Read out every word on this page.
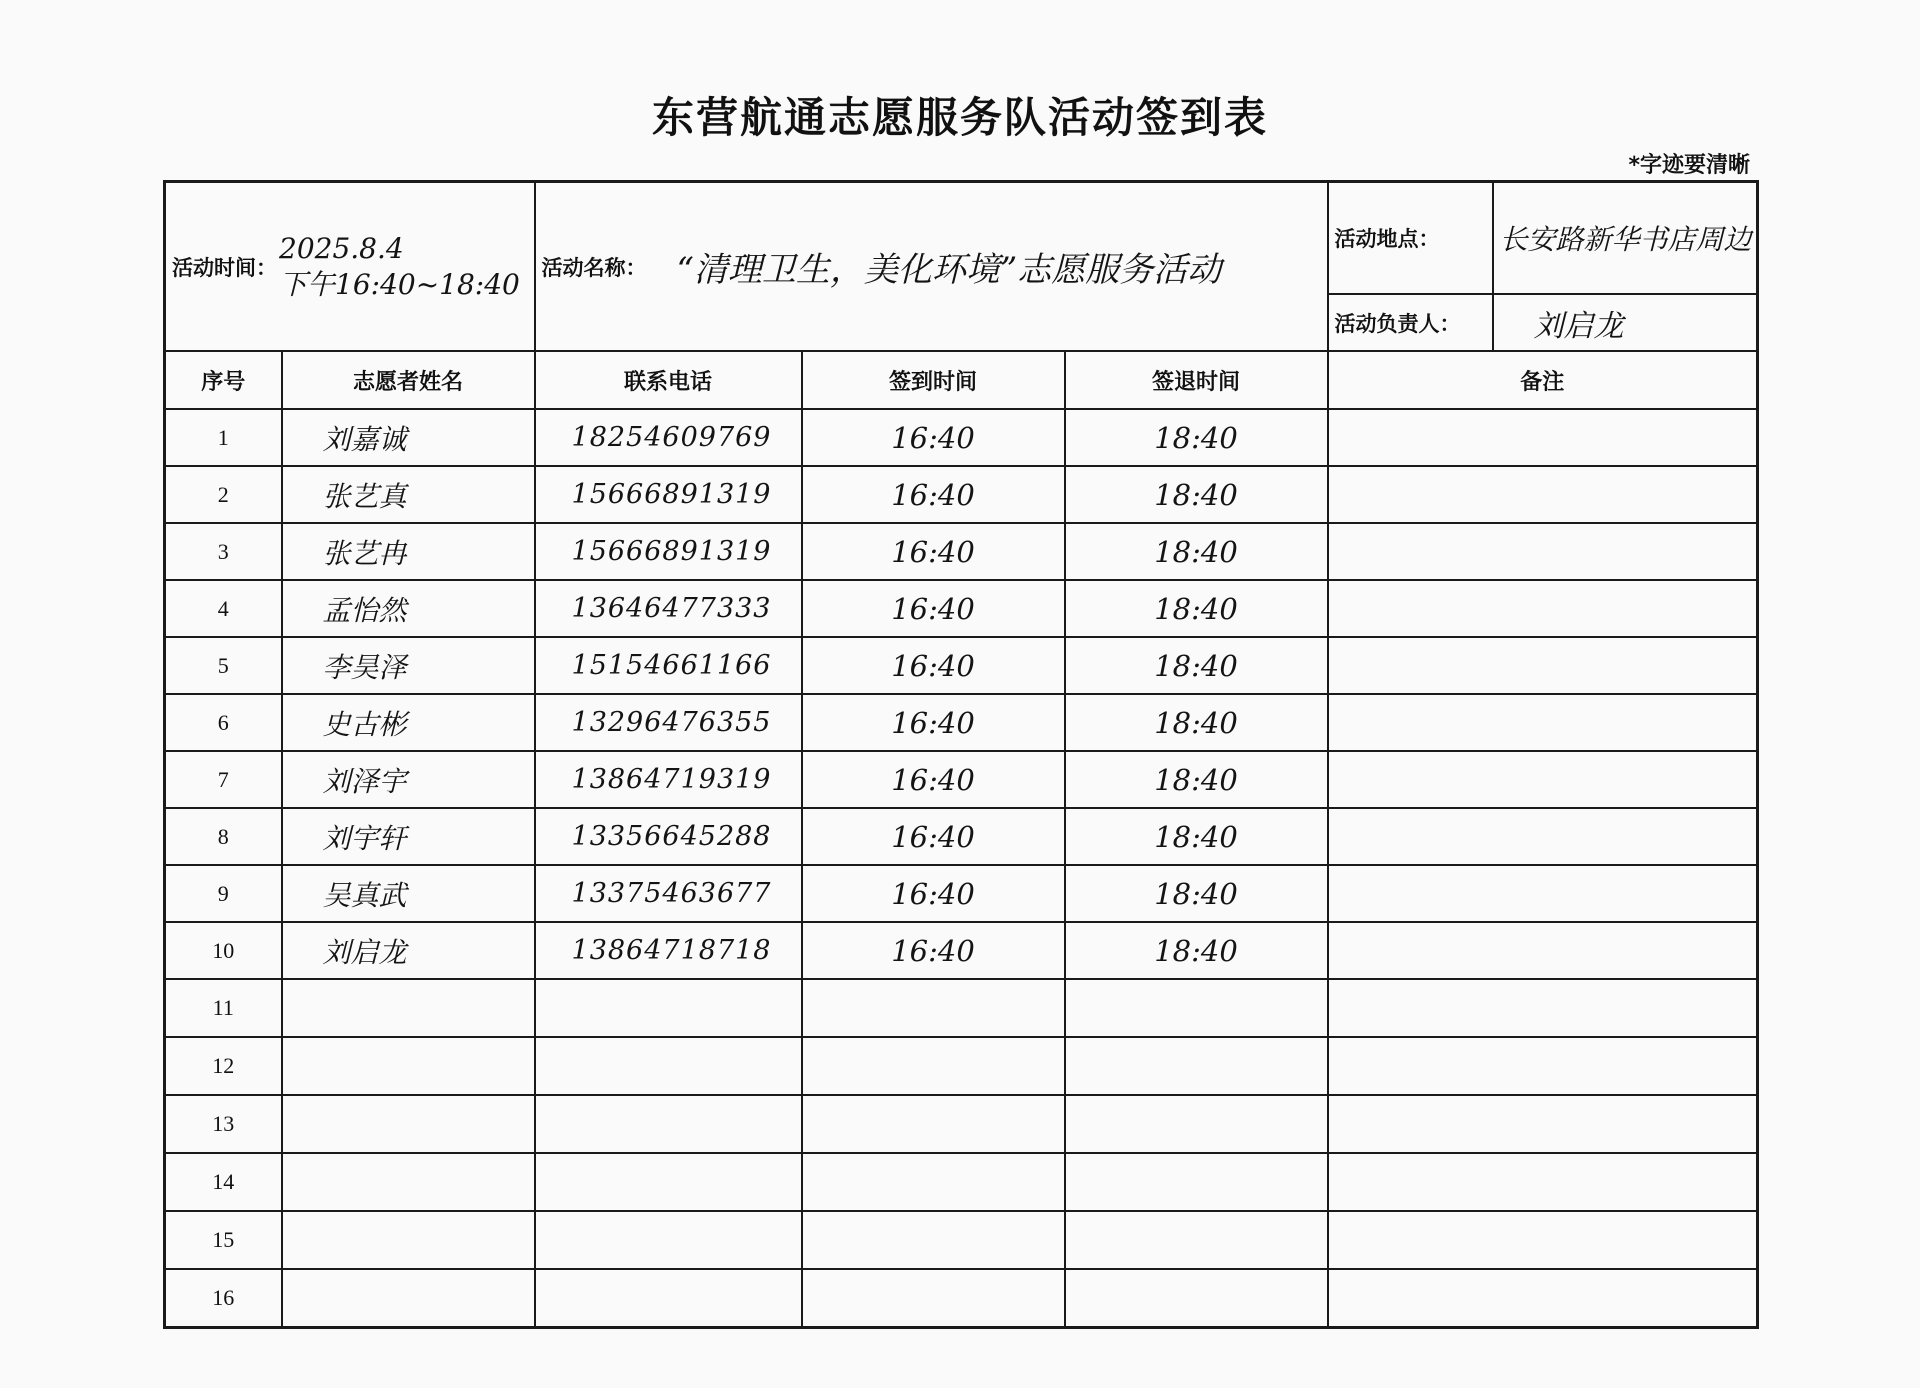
东营航通志愿服务队活动签到表
*字迹要清晰
活动时间：
2025.8.4
下午16:40~18:40		活动名称： “清理卫生，美化环境”志愿服务活动			活动地点：	长安路新华书店周边

					活动负责人：	刘启龙
序号	志愿者姓名	联系电话	签到时间	签退时间	备注	
1	刘嘉诚	18254609769	16:40	18:40		
2	张艺真	15666891319	16:40	18:40		
3	张艺冉	15666891319	16:40	18:40		
4	孟怡然	13646477333	16:40	18:40		
5	李昊泽	15154661166	16:40	18:40		
6	史古彬	13296476355	16:40	18:40		
7	刘泽宇	13864719319	16:40	18:40		
8	刘宇轩	13356645288	16:40	18:40		
9	吴真武	13375463677	16:40	18:40		
10	刘启龙	13864718718	16:40	18:40		
11						
12						
13						
14						
15						
16						
